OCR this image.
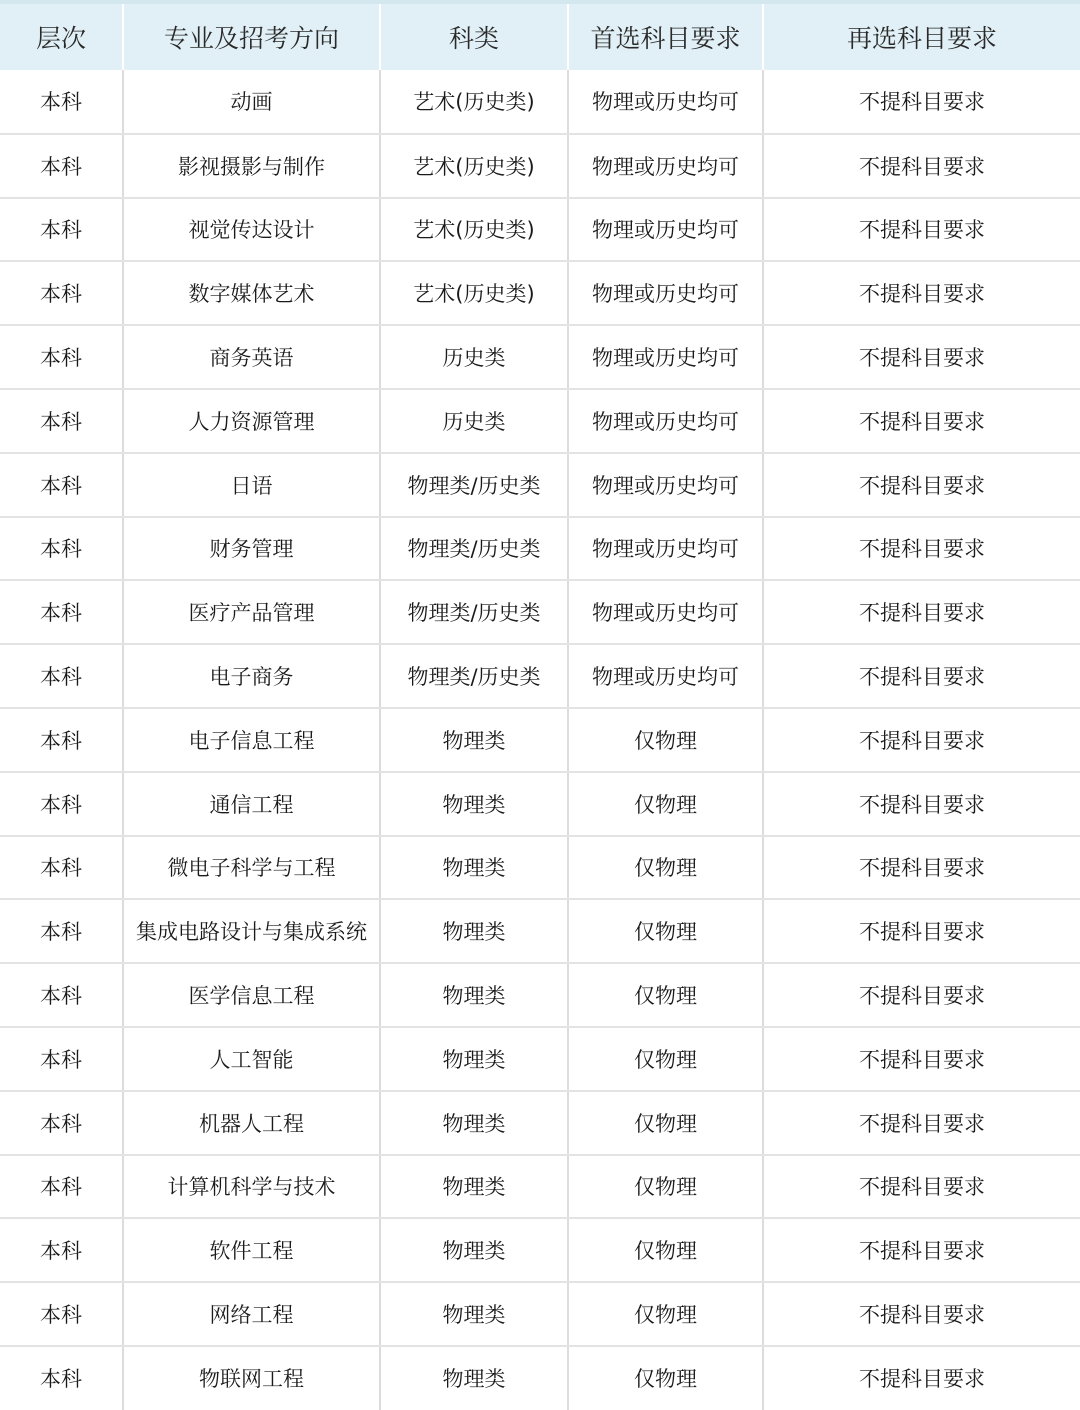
层次	专业及招考方向	科类	首选科目要求	再选科目要求
本科	动画	艺术(历史类)	物理或历史均可	不提科目要求
本科	影视摄影与制作	艺术(历史类)	物理或历史均可	不提科目要求
本科	视觉传达设计	艺术(历史类)	物理或历史均可	不提科目要求
本科	数字媒体艺术	艺术(历史类)	物理或历史均可	不提科目要求
本科	商务英语	历史类	物理或历史均可	不提科目要求
本科	人力资源管理	历史类	物理或历史均可	不提科目要求
本科	日语	物理类/历史类	物理或历史均可	不提科目要求
本科	财务管理	物理类/历史类	物理或历史均可	不提科目要求
本科	医疗产品管理	物理类/历史类	物理或历史均可	不提科目要求
本科	电子商务	物理类/历史类	物理或历史均可	不提科目要求
本科	电子信息工程	物理类	仅物理	不提科目要求
本科	通信工程	物理类	仅物理	不提科目要求
本科	微电子科学与工程	物理类	仅物理	不提科目要求
本科	集成电路设计与集成系统	物理类	仅物理	不提科目要求
本科	医学信息工程	物理类	仅物理	不提科目要求
本科	人工智能	物理类	仅物理	不提科目要求
本科	机器人工程	物理类	仅物理	不提科目要求
本科	计算机科学与技术	物理类	仅物理	不提科目要求
本科	软件工程	物理类	仅物理	不提科目要求
本科	网络工程	物理类	仅物理	不提科目要求
本科	物联网工程	物理类	仅物理	不提科目要求
